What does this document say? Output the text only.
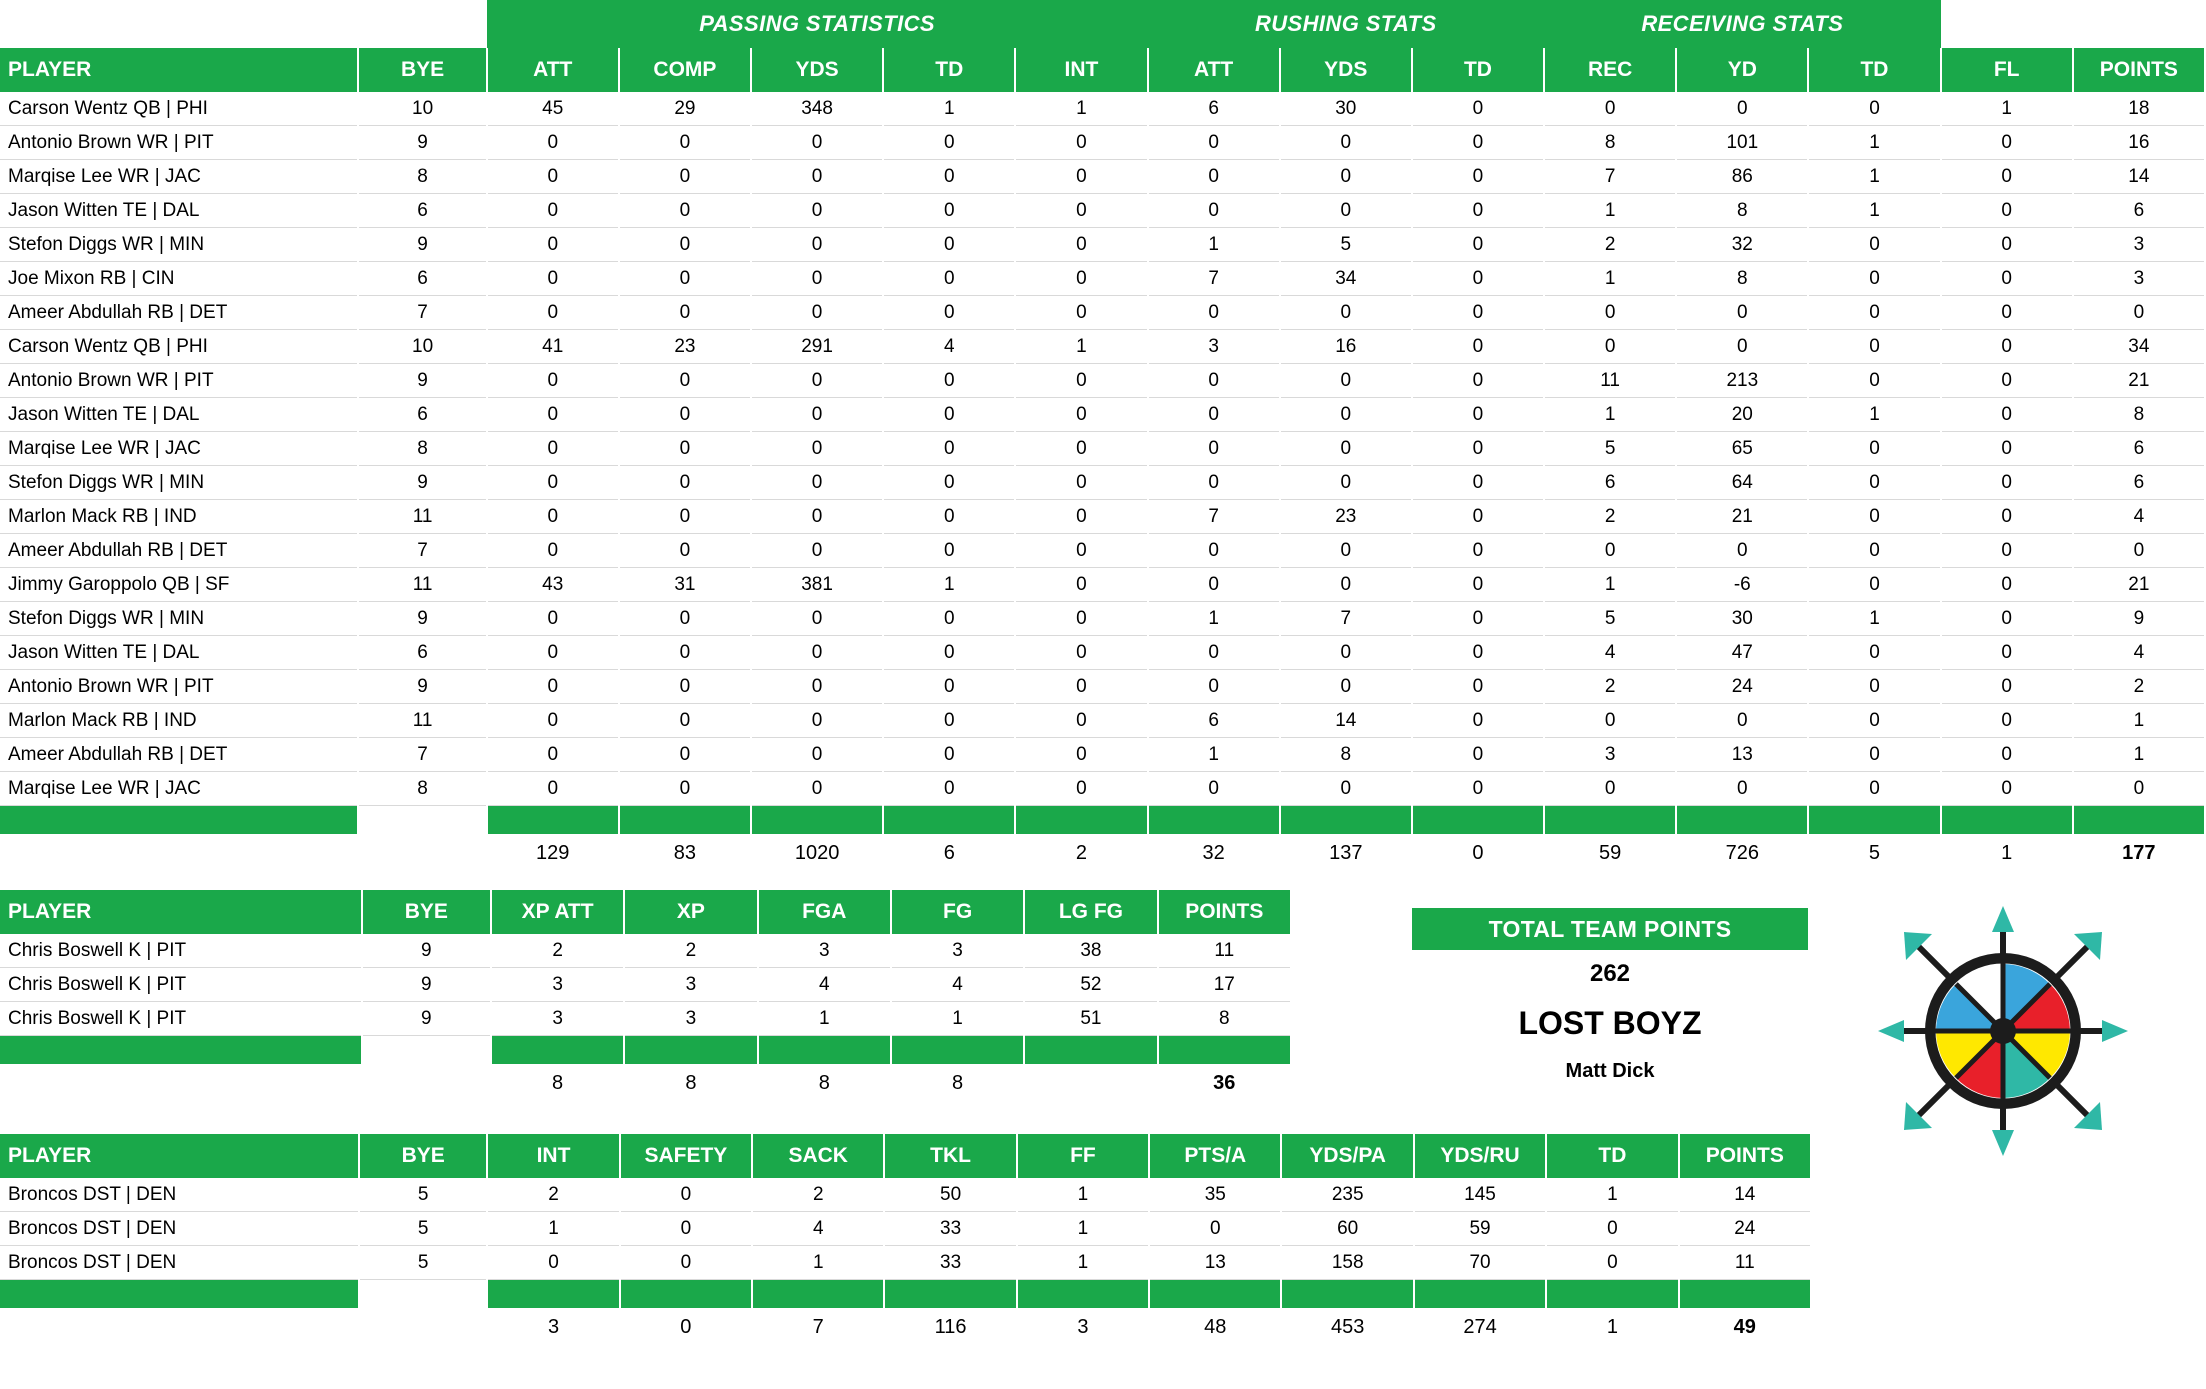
		PASSING STATISTICS					RUSHING STATS			RECEIVING STATS				
PLAYER	BYE	ATT	COMP	YDS	TD	INT	ATT	YDS	TD	REC	YD	TD	FL	POINTS
Carson Wentz QB | PHI	10	45	29	348	1	1	6	30	0	0	0	0	1	18
Antonio Brown WR | PIT	9	0	0	0	0	0	0	0	0	8	101	1	0	16
Marqise Lee WR | JAC	8	0	0	0	0	0	0	0	0	7	86	1	0	14
Jason Witten TE | DAL	6	0	0	0	0	0	0	0	0	1	8	1	0	6
Stefon Diggs WR | MIN	9	0	0	0	0	0	1	5	0	2	32	0	0	3
Joe Mixon RB | CIN	6	0	0	0	0	0	7	34	0	1	8	0	0	3
Ameer Abdullah RB | DET	7	0	0	0	0	0	0	0	0	0	0	0	0	0
Carson Wentz QB | PHI	10	41	23	291	4	1	3	16	0	0	0	0	0	34
Antonio Brown WR | PIT	9	0	0	0	0	0	0	0	0	11	213	0	0	21
Jason Witten TE | DAL	6	0	0	0	0	0	0	0	0	1	20	1	0	8
Marqise Lee WR | JAC	8	0	0	0	0	0	0	0	0	5	65	0	0	6
Stefon Diggs WR | MIN	9	0	0	0	0	0	0	0	0	6	64	0	0	6
Marlon Mack RB | IND	11	0	0	0	0	0	7	23	0	2	21	0	0	4
Ameer Abdullah RB | DET	7	0	0	0	0	0	0	0	0	0	0	0	0	0
Jimmy Garoppolo QB | SF	11	43	31	381	1	0	0	0	0	1	-6	0	0	21
Stefon Diggs WR | MIN	9	0	0	0	0	0	1	7	0	5	30	1	0	9
Jason Witten TE | DAL	6	0	0	0	0	0	0	0	0	4	47	0	0	4
Antonio Brown WR | PIT	9	0	0	0	0	0	0	0	0	2	24	0	0	2
Marlon Mack RB | IND	11	0	0	0	0	0	6	14	0	0	0	0	0	1
Ameer Abdullah RB | DET	7	0	0	0	0	0	1	8	0	3	13	0	0	1
Marqise Lee WR | JAC	8	0	0	0	0	0	0	0	0	0	0	0	0	0

		129	83	1020	6	2	32	137	0	59	726	5	1	177
PLAYER	BYE	XP ATT	XP	FGA	FG	LG FG	POINTS
Chris Boswell K | PIT	9	2	2	3	3	38	11
Chris Boswell K | PIT	9	3	3	4	4	52	17
Chris Boswell K | PIT	9	3	3	1	1	51	8

		8	8	8	8		36
PLAYER	BYE	INT	SAFETY	SACK	TKL	FF	PTS/A	YDS/PA	YDS/RU	TD	POINTS
Broncos DST | DEN	5	2	0	2	50	1	35	235	145	1	14
Broncos DST | DEN	5	1	0	4	33	1	0	60	59	0	24
Broncos DST | DEN	5	0	0	1	33	1	13	158	70	0	11

		3	0	7	116	3	48	453	274	1	49
TOTAL TEAM POINTS
262
LOST BOYZ
Matt Dick
